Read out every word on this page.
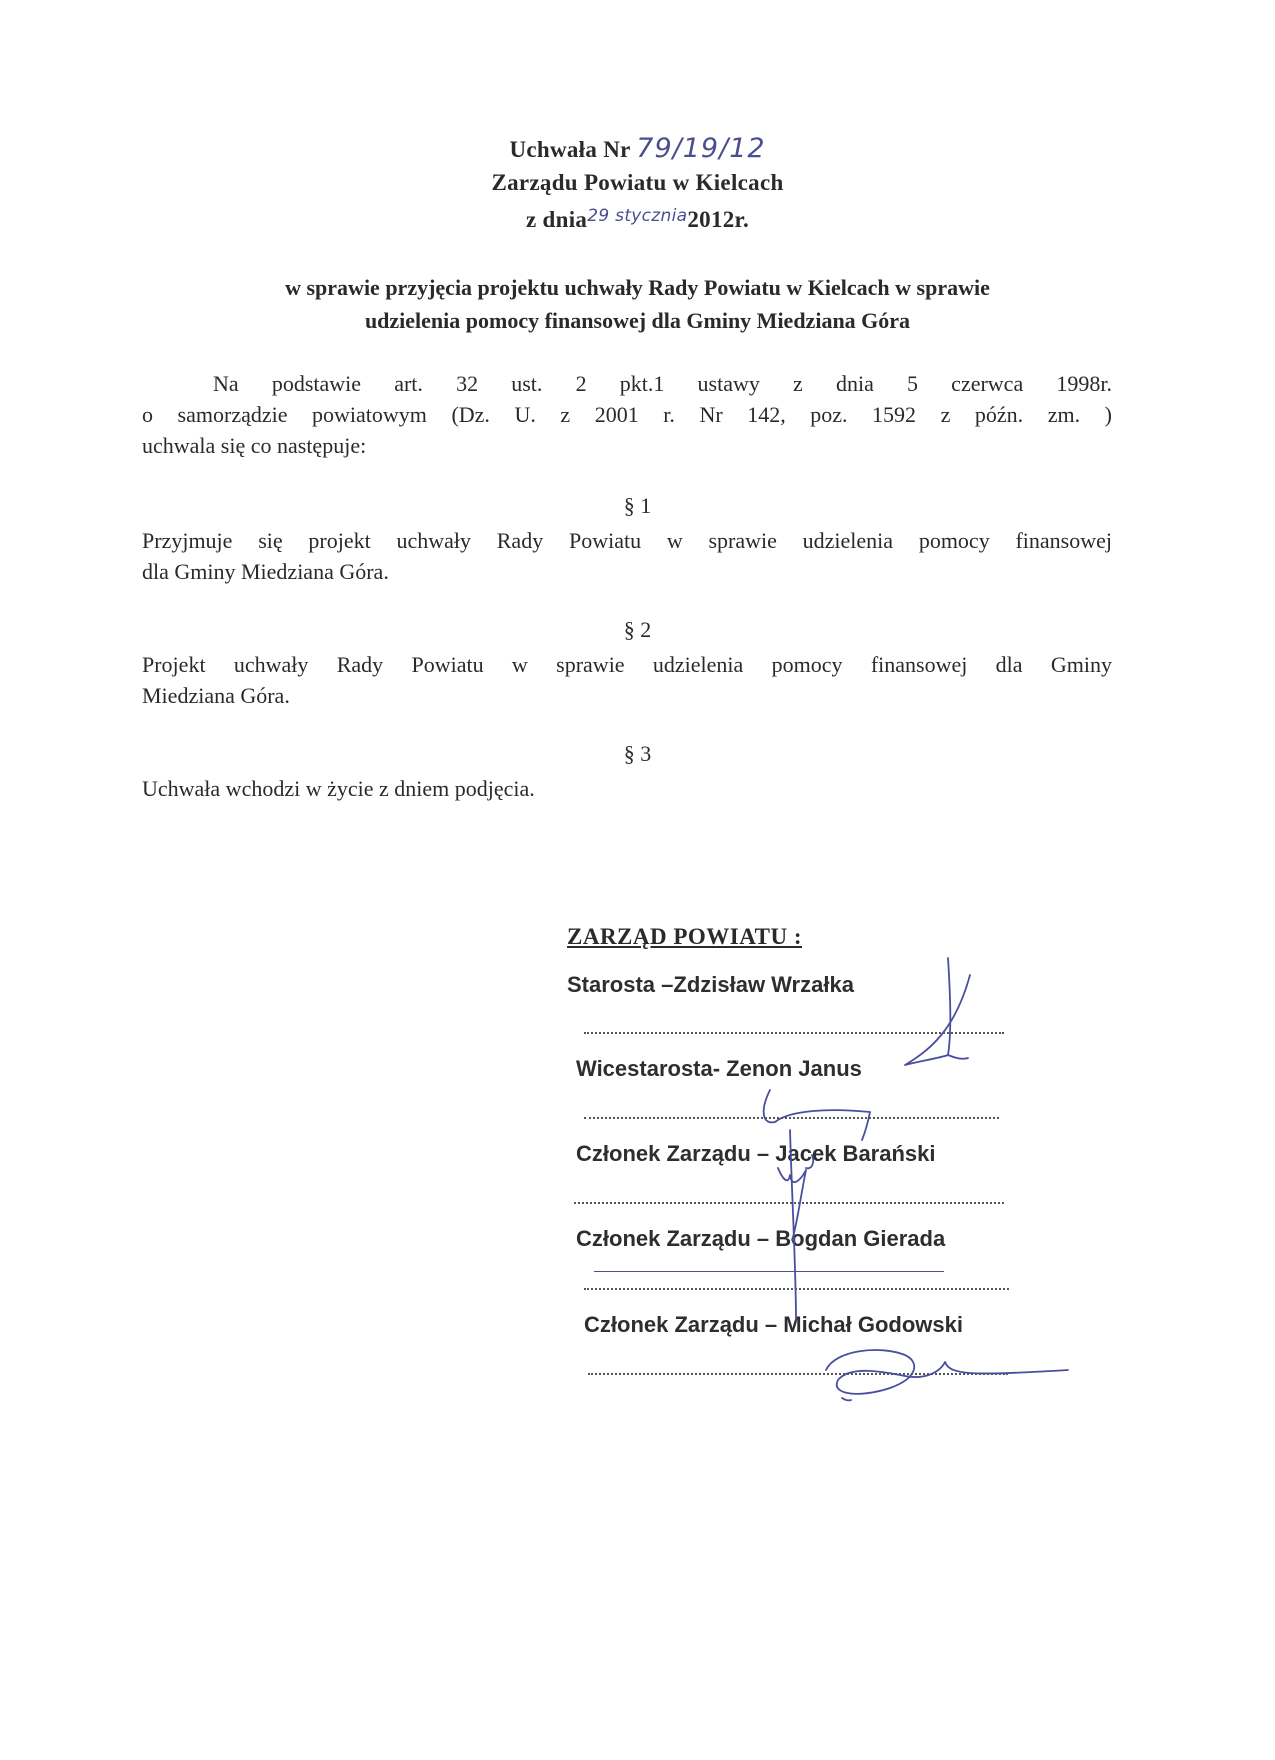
Uchwała Nr 79/19/12
Zarządu Powiatu w Kielcach
z dnia$^{29 stycznia}$2012r.
w sprawie przyjęcia projektu uchwały Rady Powiatu w Kielcach w sprawie
udzielenia pomocy finansowej dla Gminy Miedziana Góra
Na podstawie art. 32 ust. 2 pkt.1 ustawy z dnia 5 czerwca 1998r.
o samorządzie powiatowym (Dz. U. z 2001 r. Nr 142, poz. 1592 z późn. zm. )
uchwala się co następuje:
§ 1
Przyjmuje się projekt uchwały Rady Powiatu w sprawie udzielenia pomocy finansowej
dla Gminy Miedziana Góra.
§ 2
Projekt uchwały Rady Powiatu w sprawie udzielenia pomocy finansowej dla Gminy
Miedziana Góra.
§ 3
Uchwała wchodzi w życie z dniem podjęcia.
ZARZĄD POWIATU :
Starosta –Zdzisław Wrzałka
Wicestarosta- Zenon Janus
Członek Zarządu – Jacek Barański
Członek Zarządu – Bogdan Gierada
Członek Zarządu – Michał Godowski
